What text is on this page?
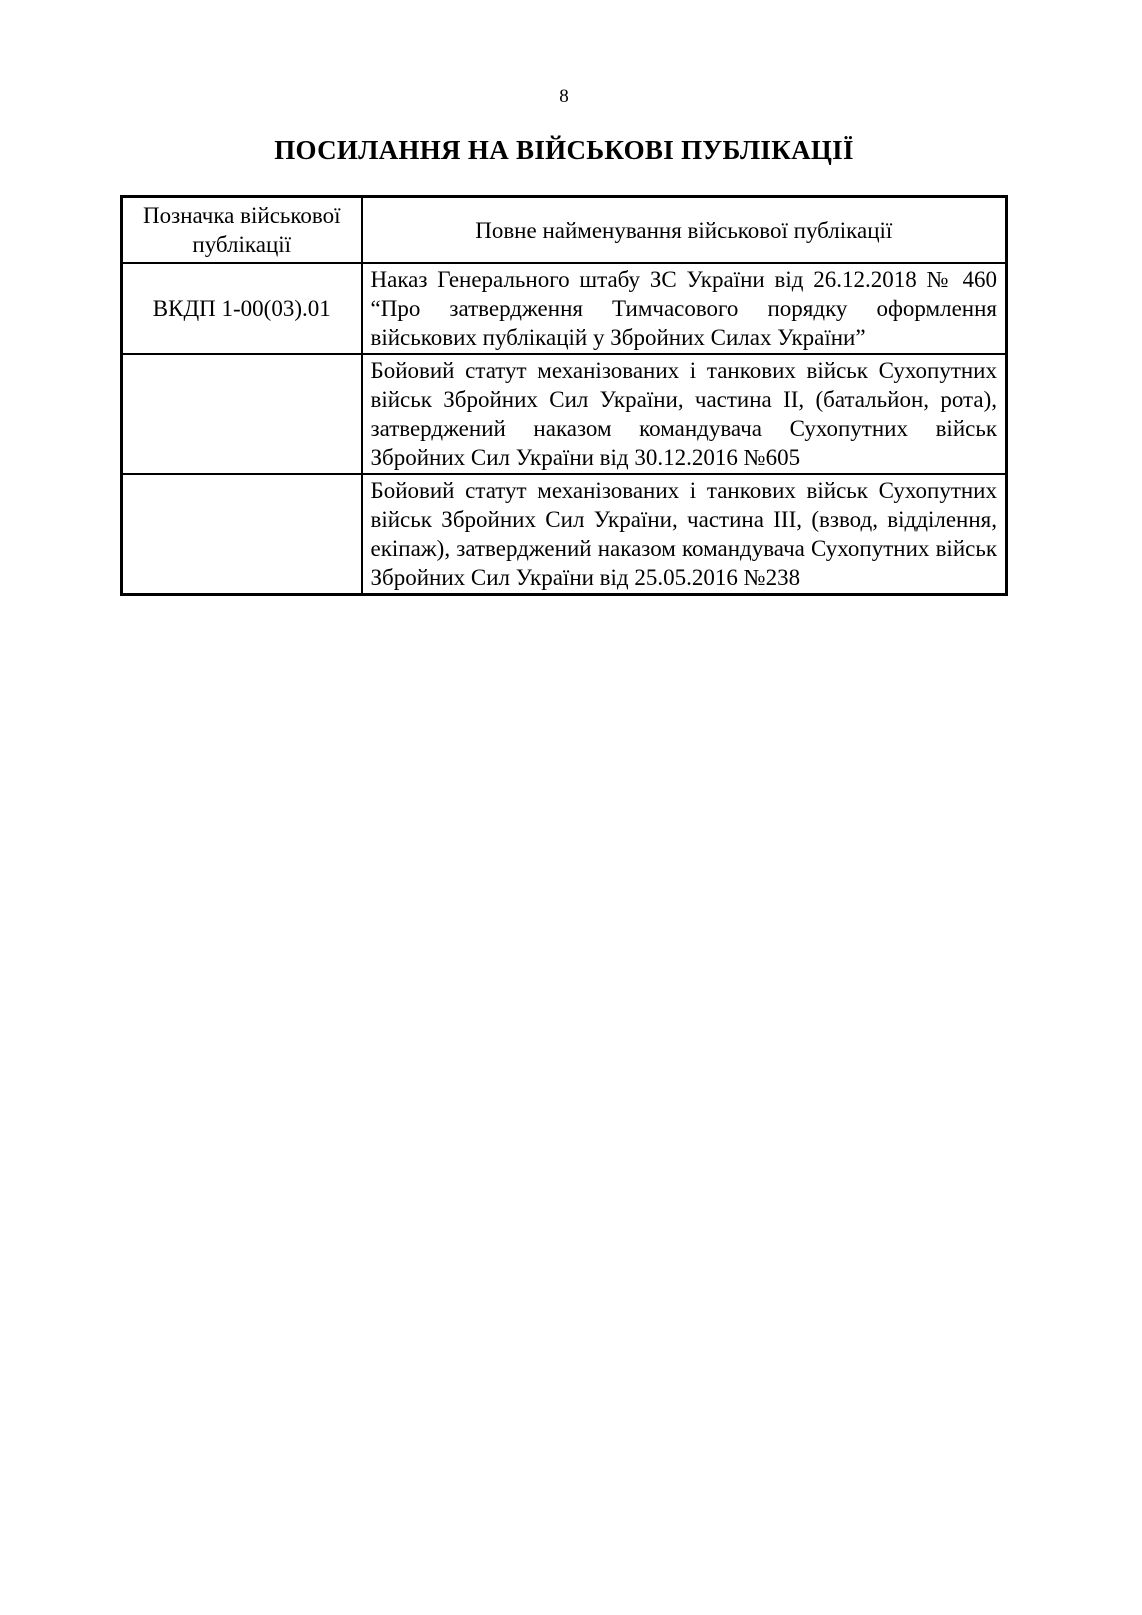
8
ПОСИЛАННЯ НА ВІЙСЬКОВІ ПУБЛІКАЦІЇ
Позначка військової публікації	Повне найменування військової публікації
ВКДП 1-00(03).01	Наказ Генерального штабу ЗС України від 26.12.2018 № 460 “Про затвердження Тимчасового порядку оформлення військових публікацій у Збройних Силах України”
	Бойовий статут механізованих і танкових військ Сухопутних військ Збройних Сил України, частина II, (батальйон, рота), затверджений наказом командувача Сухопутних військ Збройних Сил України від 30.12.2016 №605
	Бойовий статут механізованих і танкових військ Сухопутних військ Збройних Сил України, частина III, (взвод, відділення, екіпаж), затверджений наказом командувача Сухопутних військ Збройних Сил України від 25.05.2016 №238
